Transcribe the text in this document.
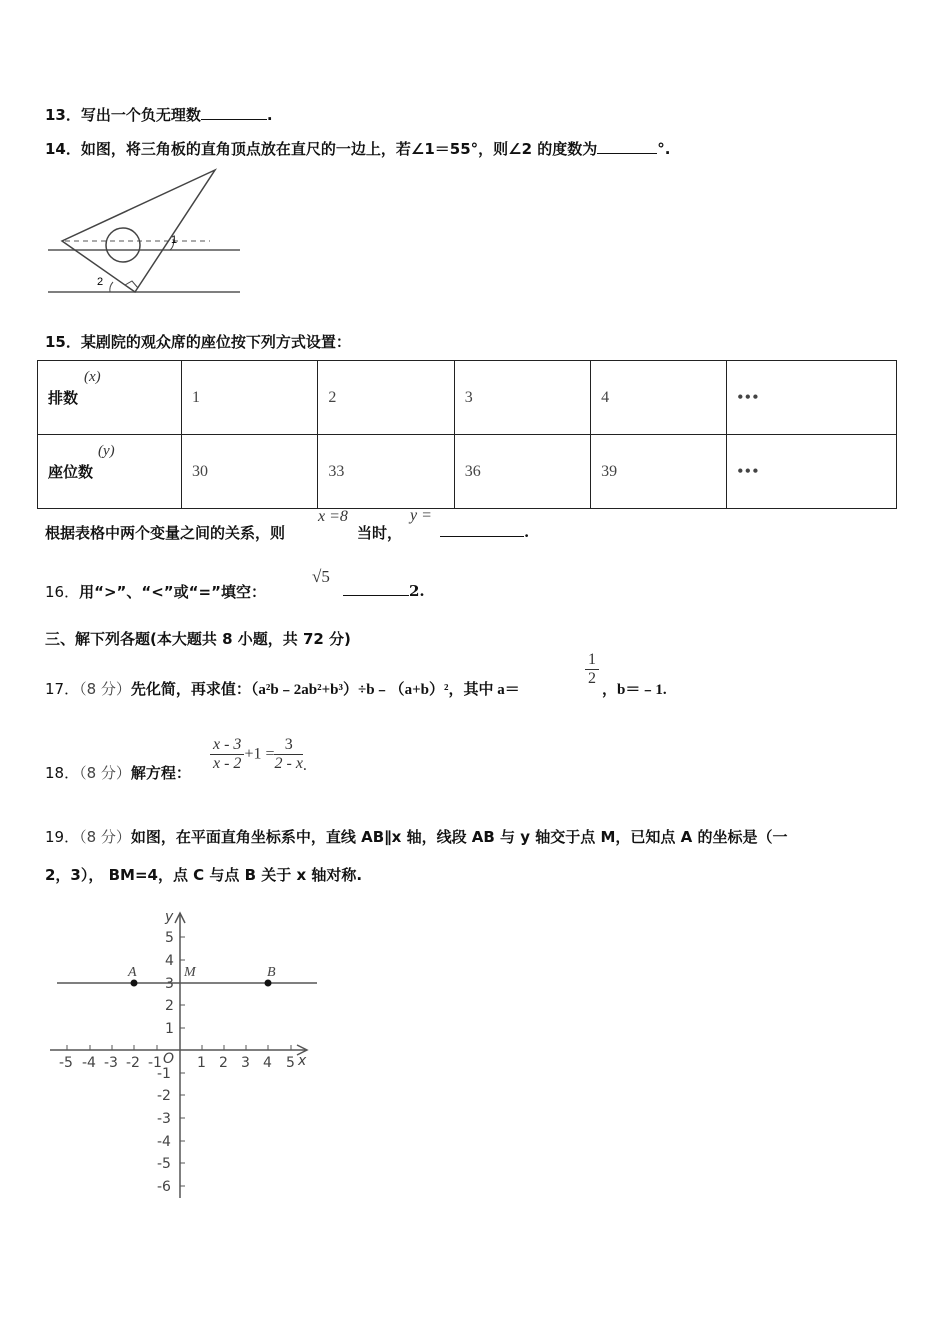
13．写出一个负无理数	.
14．如图，将三角板的直角顶点放在直尺的一边上，若∠1＝55°，则∠2 的度数为	°.
1
2
15．某剧院的观众席的座位按下列方式设置：
排数
(x)	1	2	3	4	•••
座位数
(y)	30	33	36	39	•••
根据表格中两个变量之间的关系，则
x =8
当时，
y =
.
16．用“>”、“<”或“=”填空：
√5
2.
三、解下列各题(本大题共 8 小题，共 72 分)
17．（8 分）先化简，再求值：（a²b﹣2ab²+b³）÷b﹣（a+b）²，其中 a＝
$\frac{1}{2}$
，b＝﹣1.
18．（8 分）解方程： $\frac{x - 3}{x - 2} +1 = \frac{3}{2 - x}$ .
19．（8 分）如图，在平面直角坐标系中，直线 AB∥x 轴，线段 AB 与 y 轴交于点 M，已知点 A 的坐标是（一
2，3）， BM=4，点 C 与点 B 关于 x 轴对称.
y
x
O
A	M	B
-5 -4 -3 -2 -1	1 2 3 4 5
5
4
3
2
1
-1
-2
-3
-4
-5
-6
